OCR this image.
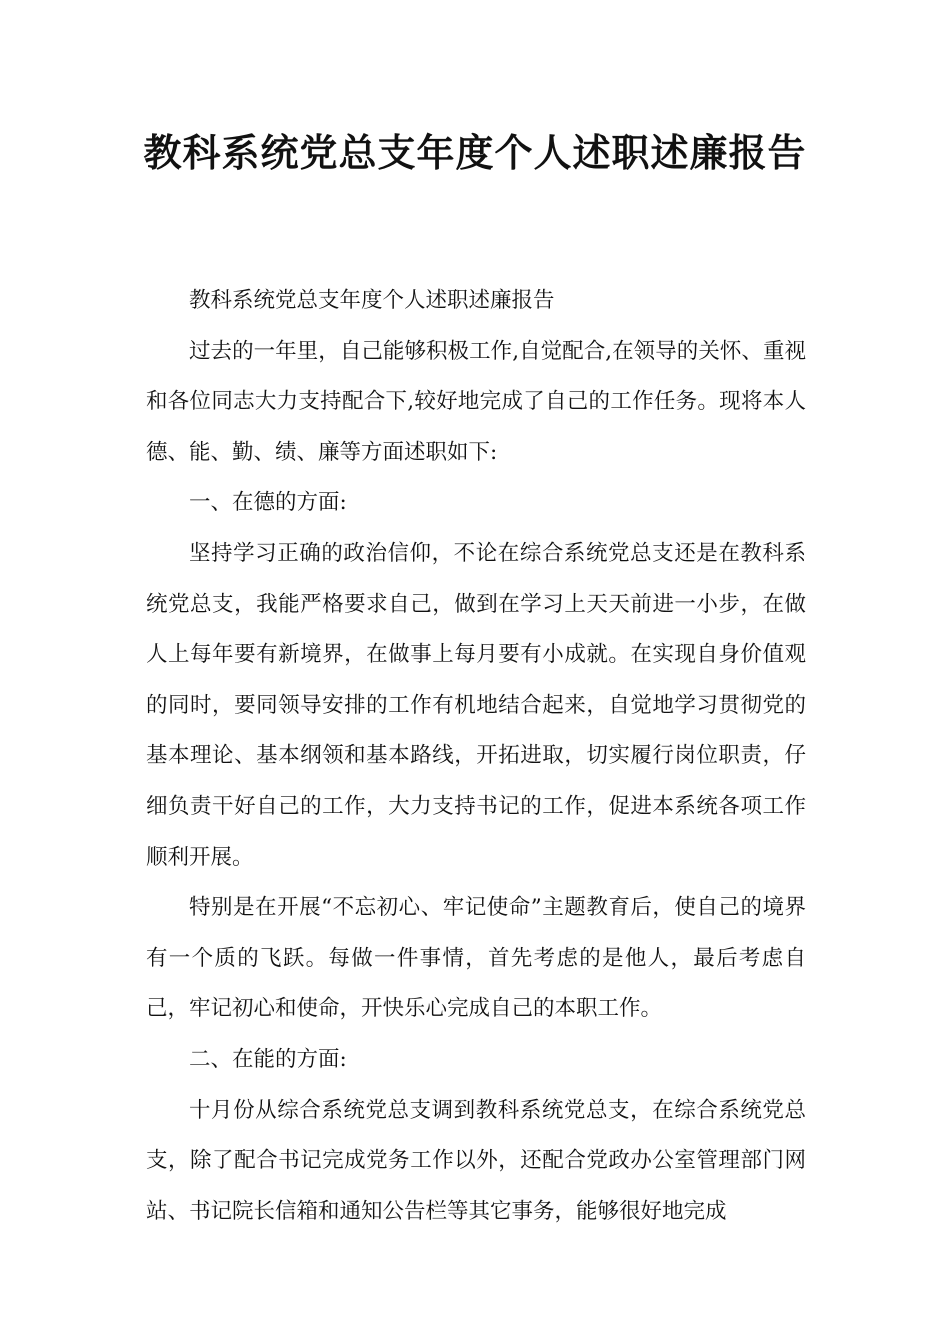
教科系统党总支年度个人述职述廉报告

教科系统党总支年度个人述职述廉报告

过去的一年里，自己能够积极工作,自觉配合,在领导的关怀、重视和各位同志大力支持配合下,较好地完成了自己的工作任务。现将本人德、能、勤、绩、廉等方面述职如下:

一、在德的方面:

坚持学习正确的政治信仰，不论在综合系统党总支还是在教科系统党总支，我能严格要求自己，做到在学习上天天前进一小步，在做人上每年要有新境界，在做事上每月要有小成就。在实现自身价值观的同时，要同领导安排的工作有机地结合起来，自觉地学习贯彻党的基本理论、基本纲领和基本路线，开拓进取，切实履行岗位职责，仔细负责干好自己的工作，大力支持书记的工作，促进本系统各项工作顺利开展。

特别是在开展“不忘初心、牢记使命”主题教育后，使自己的境界有一个质的飞跃。每做一件事情，首先考虑的是他人，最后考虑自己，牢记初心和使命，开快乐心完成自己的本职工作。

二、在能的方面:

十月份从综合系统党总支调到教科系统党总支，在综合系统党总支，除了配合书记完成党务工作以外，还配合党政办公室管理部门网站、书记院长信箱和通知公告栏等其它事务，能够很好地完成
